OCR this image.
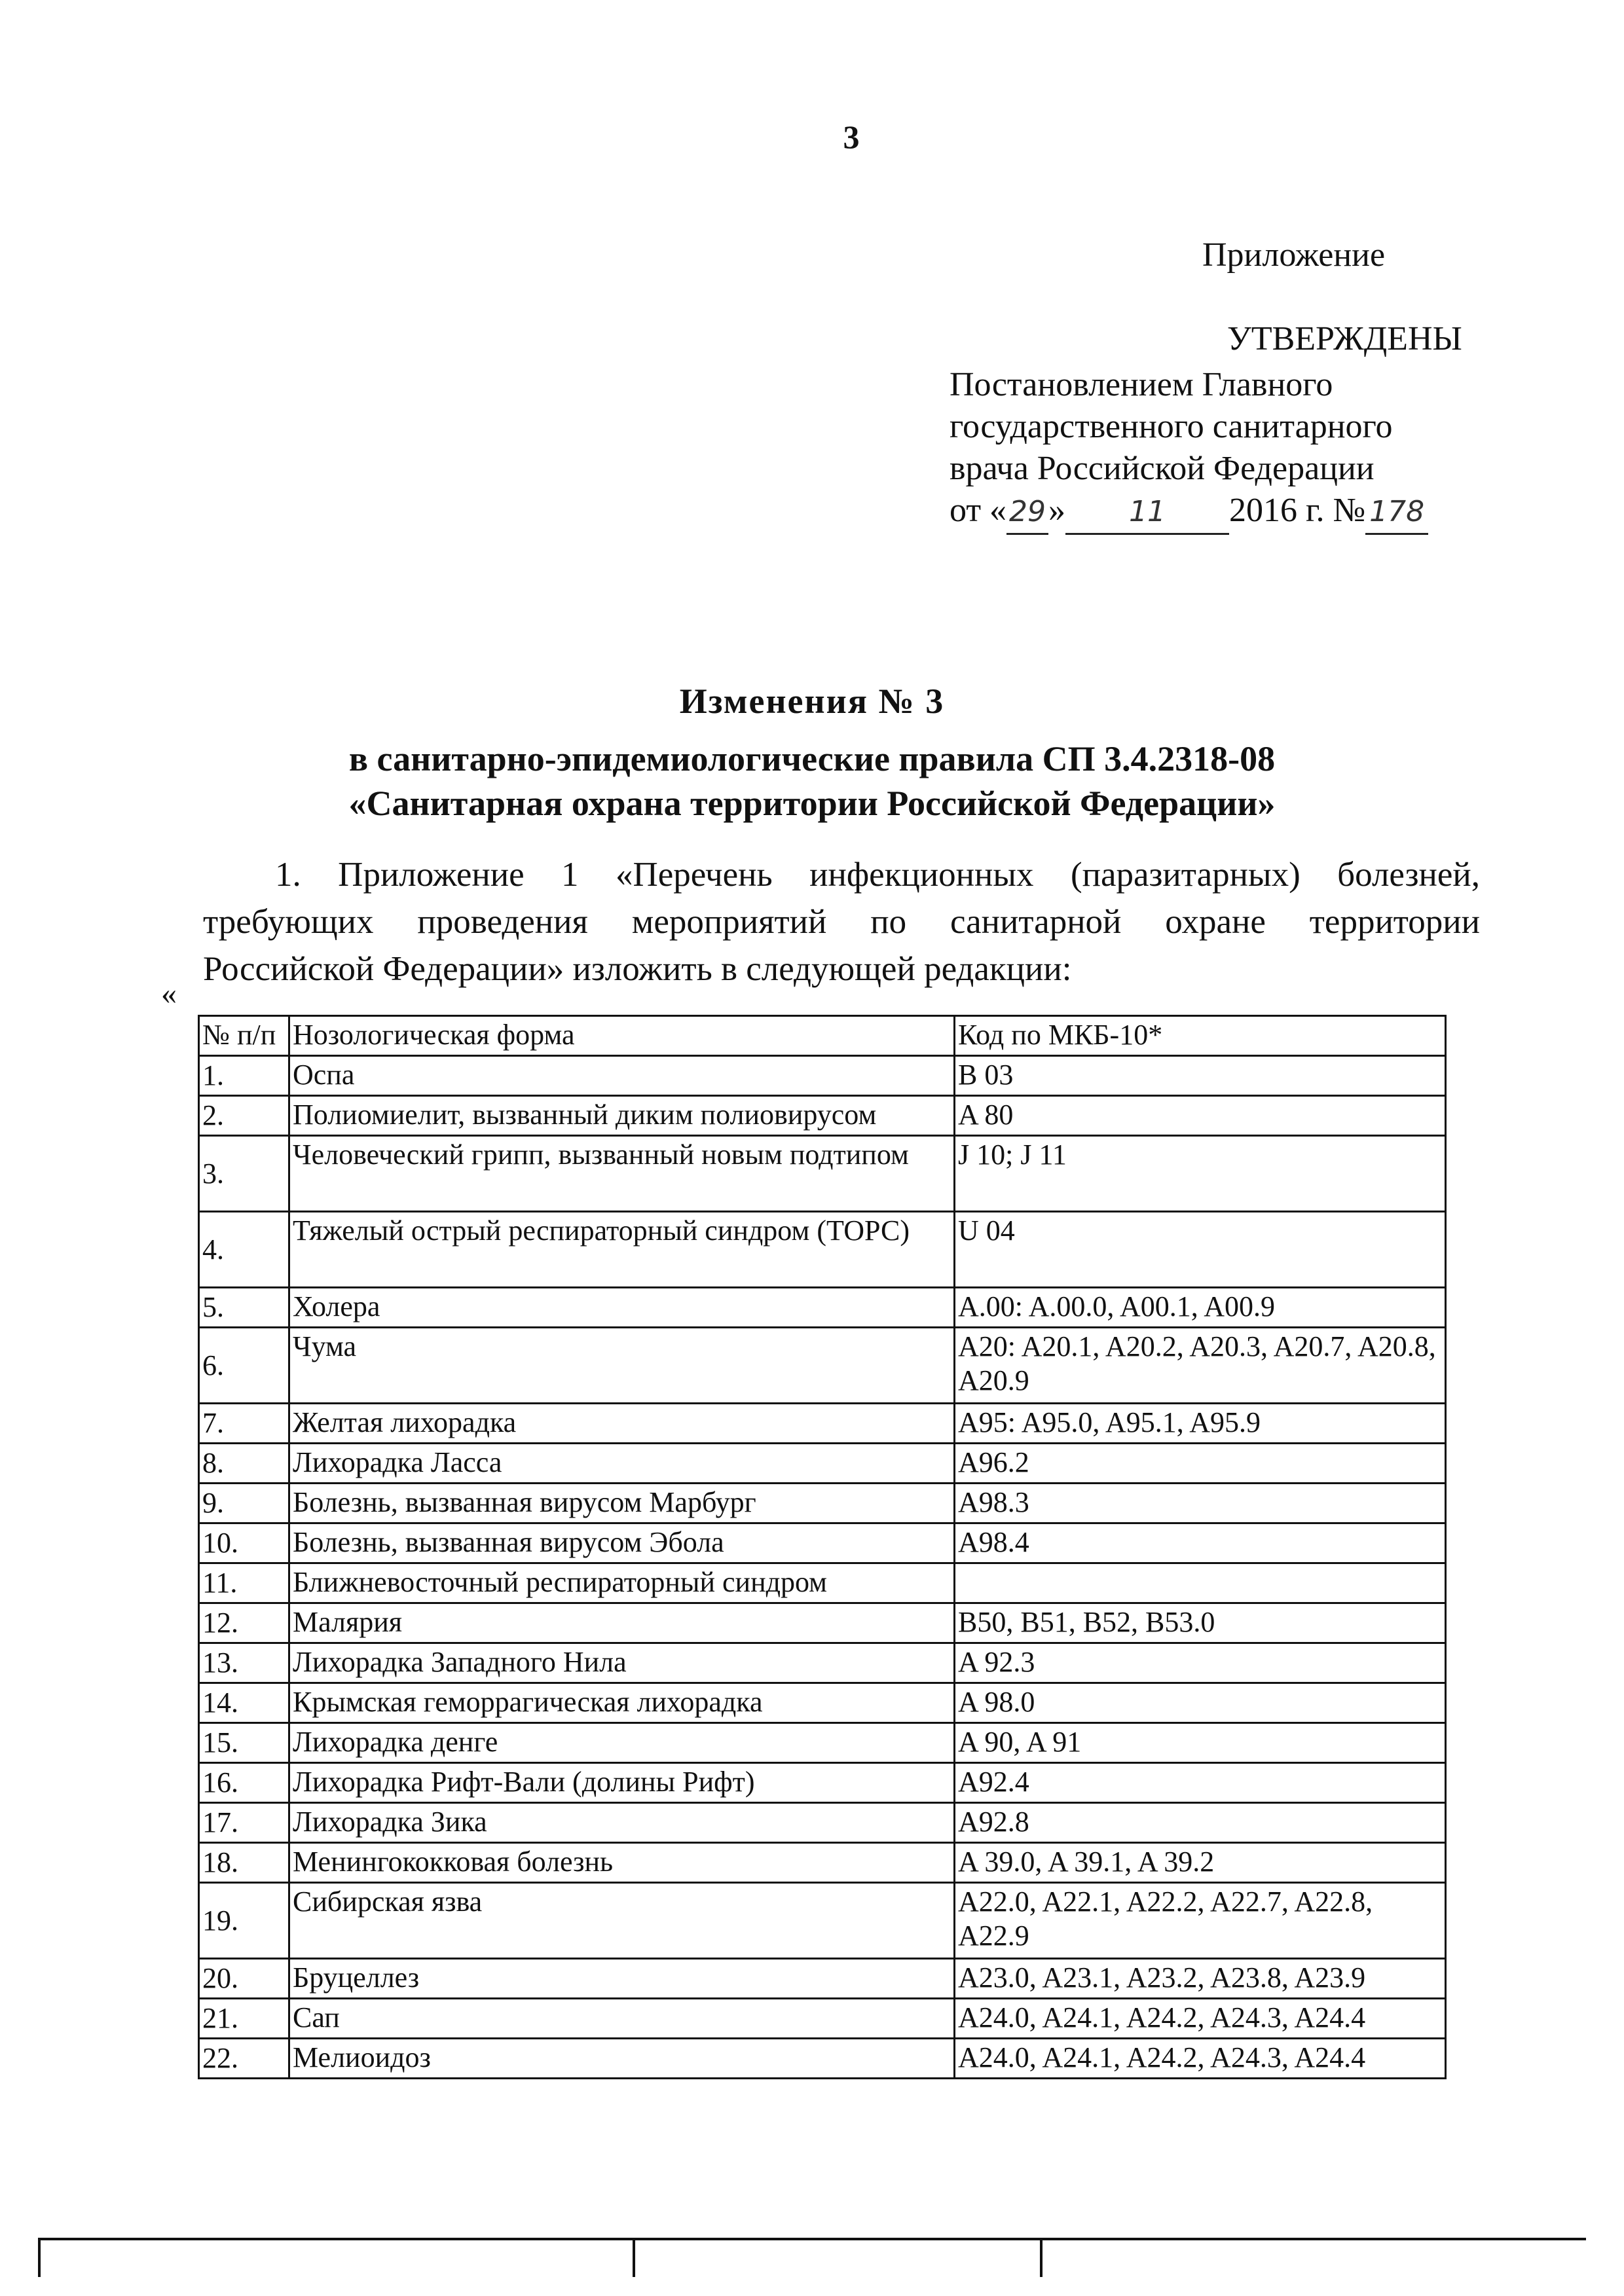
3
Приложение
УТВЕРЖДЕНЫ
Постановлением Главного
государственного санитарного
врача Российской Федерации
от «29» 11 2016 г. № 178
Изменения № 3
в санитарно-эпидемиологические правила СП 3.4.2318-08
«Санитарная охрана территории Российской Федерации»

1. Приложение 1 «Перечень инфекционных (паразитарных) болезней,

требующих проведения мероприятий по санитарной охране территории

Российской Федерации» изложить в следующей редакции:

«
№ п/п	Нозологическая форма	Код по МКБ-10*
1.	Оспа	B 03
2.	Полиомиелит, вызванный диким полиовирусом	A 80
3.	Человеческий грипп, вызванный новым подтипом	J 10; J 11
4.	Тяжелый острый респираторный синдром (ТОРС)	U 04
5.	Холера	A.00: A.00.0, A00.1, A00.9
6.	Чума	A20: A20.1, A20.2, A20.3, A20.7, A20.8, A20.9
7.	Желтая лихорадка	A95: A95.0, A95.1, A95.9
8.	Лихорадка Ласса	A96.2
9.	Болезнь, вызванная вирусом Марбург	A98.3
10.	Болезнь, вызванная вирусом Эбола	A98.4
11.	Ближневосточный респираторный синдром	
12.	Малярия	B50, B51, B52, B53.0
13.	Лихорадка Западного Нила	A 92.3
14.	Крымская геморрагическая лихорадка	A 98.0
15.	Лихорадка денге	A 90, A 91
16.	Лихорадка Рифт-Вали (долины Рифт)	A92.4
17.	Лихорадка Зика	A92.8
18.	Менингококковая болезнь	A 39.0, A 39.1, A 39.2
19.	Сибирская язва	A22.0, A22.1, A22.2, A22.7, A22.8, A22.9
20.	Бруцеллез	A23.0, A23.1, A23.2, A23.8, A23.9
21.	Сап	A24.0, A24.1, A24.2, A24.3, A24.4
22.	Мелиоидоз	A24.0, A24.1, A24.2, A24.3, A24.4
